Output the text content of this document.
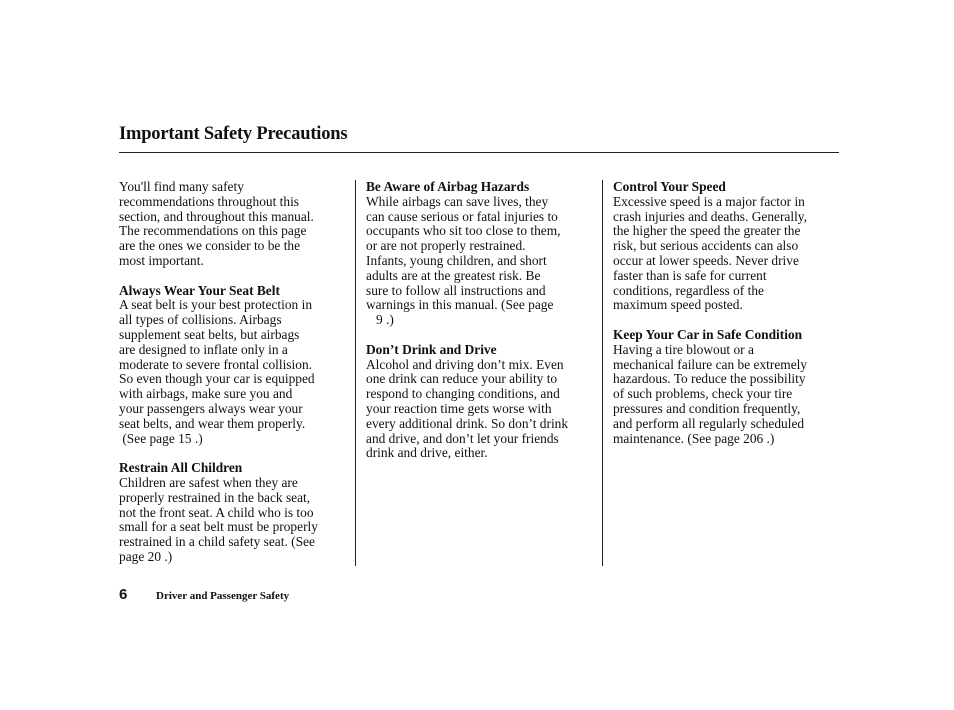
Important Safety Precautions
You'll find many safety
recommendations throughout this
section, and throughout this manual.
The recommendations on this page
are the ones we consider to be the
most important.
Always Wear Your Seat Belt
A seat belt is your best protection in
all types of collisions. Airbags
supplement seat belts, but airbags
are designed to inflate only in a
moderate to severe frontal collision.
So even though your car is equipped
with airbags, make sure you and
your passengers always wear your
seat belts, and wear them properly.
(See page 15 .)
Restrain All Children
Children are safest when they are
properly restrained in the back seat,
not the front seat. A child who is too
small for a seat belt must be properly
restrained in a child safety seat. (See
page 20 .)
Be Aware of Airbag Hazards
While airbags can save lives, they
can cause serious or fatal injuries to
occupants who sit too close to them,
or are not properly restrained.
Infants, young children, and short
adults are at the greatest risk. Be
sure to follow all instructions and
warnings in this manual. (See page
9 .)
Don’t Drink and Drive
Alcohol and driving don’t mix. Even
one drink can reduce your ability to
respond to changing conditions, and
your reaction time gets worse with
every additional drink. So don’t drink
and drive, and don’t let your friends
drink and drive, either.
Control Your Speed
Excessive speed is a major factor in
crash injuries and deaths. Generally,
the higher the speed the greater the
risk, but serious accidents can also
occur at lower speeds. Never drive
faster than is safe for current
conditions, regardless of the
maximum speed posted.
Keep Your Car in Safe Condition
Having a tire blowout or a
mechanical failure can be extremely
hazardous. To reduce the possibility
of such problems, check your tire
pressures and condition frequently,
and perform all regularly scheduled
maintenance. (See page 206 .)
6	Driver and Passenger Safety
